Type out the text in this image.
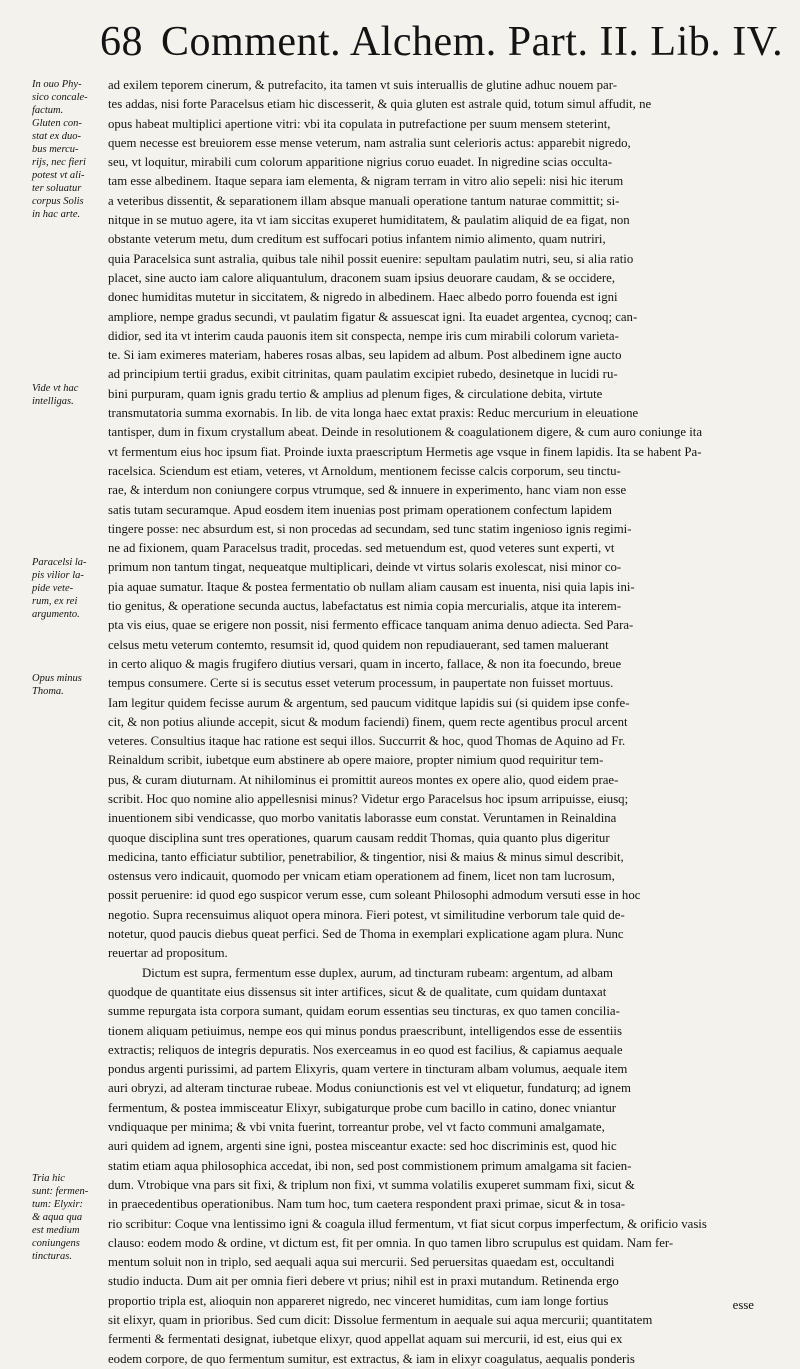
68 Comment. Alchem. Part. II. Lib. IV.
In ouo Phy-
sico concale-
factum.
Gluten con-
stat ex duo-
bus mercu-
rijs, nec fieri
potest vt ali-
ter soluatur
corpus Solis
in hac arte.
Vide vt hac
intelligas.
Paracelsi la-
pis vilior la-
pide vete-
rum, ex rei
argumento.
Opus minus
Thoma.
Tria hic
sunt: fermen-
tum: Elyxir:
& aqua qua
est medium
coniungens
tincturas.
ad exilem teporem cinerum, & putrefacito, ita tamen vt suis interuallis de glutine adhuc nouem par-
tes addas, nisi forte Paracelsus etiam hic discesserit, & quia gluten est astrale quid, totum simul affudit, ne
opus habeat multiplici apertione vitri: vbi ita copulata in putrefactione per suum mensem steterint,
quem necesse est breuiorem esse mense veterum, nam astralia sunt celerioris actus: apparebit nigredo,
seu, vt loquitur, mirabili cum colorum apparitione nigrius coruo euadet. In nigredine scias occulta-
tam esse albedinem. Itaque separa iam elementa, & nigram terram in vitro alio sepeli: nisi hic iterum
a veteribus dissentit, & separationem illam absque manuali operatione tantum naturae committit; si-
nitque in se mutuo agere, ita vt iam siccitas exuperet humiditatem, & paulatim aliquid de ea figat, non
obstante veterum metu, dum creditum est suffocari potius infantem nimio alimento, quam nutriri,
quia Paracelsica sunt astralia, quibus tale nihil possit euenire: sepultam paulatim nutri, seu, si alia ratio
placet, sine aucto iam calore aliquantulum, draconem suam ipsius deuorare caudam, & se occidere,
donec humiditas mutetur in siccitatem, & nigredo in albedinem. Haec albedo porro fouenda est igni
ampliore, nempe gradus secundi, vt paulatim figatur & assuescat igni. Ita euadet argentea, cycnoq; can-
didior, sed ita vt interim cauda pauonis item sit conspecta, nempe iris cum mirabili colorum varieta-
te. Si iam eximeres materiam, haberes rosas albas, seu lapidem ad album. Post albedinem igne aucto
ad principium tertii gradus, exibit citrinitas, quam paulatim excipiet rubedo, desinetque in lucidi ru-
bini purpuram, quam ignis gradu tertio & amplius ad plenum figes, & circulatione debita, virtute
transmutatoria summa exornabis. In lib. de vita longa haec extat praxis: Reduc mercurium in eleuatione
tantisper, dum in fixum crystallum abeat. Deinde in resolutionem & coagulationem digere, & cum auro coniunge ita
vt fermentum eius hoc ipsum fiat. Proinde iuxta praescriptum Hermetis age vsque in finem lapidis. Ita se habent Pa-
racelsica. Sciendum est etiam, veteres, vt Arnoldum, mentionem fecisse calcis corporum, seu tinctu-
rae, & interdum non coniungere corpus vtrumque, sed & innuere in experimento, hanc viam non esse
satis tutam securamque. Apud eosdem item inuenias post primam operationem confectum lapidem
tingere posse: nec absurdum est, si non procedas ad secundam, sed tunc statim ingenioso ignis regimi-
ne ad fixionem, quam Paracelsus tradit, procedas. sed metuendum est, quod veteres sunt experti, vt
primum non tantum tingat, nequeatque multiplicari, deinde vt virtus solaris exolescat, nisi minor co-
pia aquae sumatur. Itaque & postea fermentatio ob nullam aliam causam est inuenta, nisi quia lapis ini-
tio genitus, & operatione secunda auctus, labefactatus est nimia copia mercurialis, atque ita interem-
pta vis eius, quae se erigere non possit, nisi fermento efficace tanquam anima denuo adiecta. Sed Para-
celsus metu veterum contemto, resumsit id, quod quidem non repudiauerant, sed tamen maluerant
in certo aliquo & magis frugifero diutius versari, quam in incerto, fallace, & non ita foecundo, breue
tempus consumere. Certe si is secutus esset veterum processum, in paupertate non fuisset mortuus.
Iam legitur quidem fecisse aurum & argentum, sed paucum viditque lapidis sui (si quidem ipse confe-
cit, & non potius aliunde accepit, sicut & modum faciendi) finem, quem recte agentibus procul arcent
veteres. Consultius itaque hac ratione est sequi illos. Succurrit & hoc, quod Thomas de Aquino ad Fr.
Reinaldum scribit, iubetque eum abstinere ab opere maiore, propter nimium quod requiritur tem-
pus, & curam diuturnam. At nihilominus ei promittit aureos montes ex opere alio, quod eidem prae-
scribit. Hoc quo nomine alio appellesnisi minus? Videtur ergo Paracelsus hoc ipsum arripuisse, eiusq;
inuentionem sibi vendicasse, quo morbo vanitatis laborasse eum constat. Veruntamen in Reinaldina
quoque disciplina sunt tres operationes, quarum causam reddit Thomas, quia quanto plus digeritur
medicina, tanto efficiatur subtilior, penetrabilior, & tingentior, nisi & maius & minus simul describit,
ostensus vero indicauit, quomodo per vnicam etiam operationem ad finem, licet non tam lucrosum,
possit peruenire: id quod ego suspicor verum esse, cum soleant Philosophi admodum versuti esse in hoc
negotio. Supra recensuimus aliquot opera minora. Fieri potest, vt similitudine verborum tale quid de-
notetur, quod paucis diebus queat perfici. Sed de Thoma in exemplari explicatione agam plura. Nunc
reuertar ad propositum.
Dictum est supra, fermentum esse duplex, aurum, ad tincturam rubeam: argentum, ad albam
quodque de quantitate eius dissensus sit inter artifices, sicut & de qualitate, cum quidam duntaxat
summe repurgata ista corpora sumant, quidam eorum essentias seu tincturas, ex quo tamen concilia-
tionem aliquam petiuimus, nempe eos qui minus pondus praescribunt, intelligendos esse de essentiis
extractis; reliquos de integris depuratis. Nos exerceamus in eo quod est facilius, & capiamus aequale
pondus argenti purissimi, ad partem Elixyris, quam vertere in tincturam albam volumus, aequale item
auri obryzi, ad alteram tincturae rubeae. Modus coniunctionis est vel vt eliquetur, fundaturq; ad ignem
fermentum, & postea immisceatur Elixyr, subigaturque probe cum bacillo in catino, donec vniantur
vndiquaque per minima; & vbi vnita fuerint, torreantur probe, vel vt facto communi amalgamate,
auri quidem ad ignem, argenti sine igni, postea misceantur exacte: sed hoc discriminis est, quod hic
statim etiam aqua philosophica accedat, ibi non, sed post commistionem primum amalgama sit facien-
dum. Vtrobique vna pars sit fixi, & triplum non fixi, vt summa volatilis exuperet summam fixi, sicut &
in praecedentibus operationibus. Nam tum hoc, tum caetera respondent praxi primae, sicut & in tosa-
rio scribitur: Coque vna lentissimo igni & coagula illud fermentum, vt fiat sicut corpus imperfectum, & orificio vasis
clauso: eodem modo & ordine, vt dictum est, fit per omnia. In quo tamen libro scrupulus est quidam. Nam fer-
mentum soluit non in triplo, sed aequali aqua sui mercurii. Sed peruersitas quaedam est, occultandi
studio inducta. Dum ait per omnia fieri debere vt prius; nihil est in praxi mutandum. Retinenda ergo
proportio tripla est, alioquin non appareret nigredo, nec vinceret humiditas, cum iam longe fortius
sit elixyr, quam in prioribus. Sed cum dicit: Dissolue fermentum in aequale sui aqua mercurii; quantitatem
fermenti & fermentati designat, iubetque elixyr, quod appellat aquam sui mercurii, id est, eius qui ex
eodem corpore, de quo fermentum sumitur, est extractus, & iam in elixyr coagulatus, aequalis ponderis
esse
